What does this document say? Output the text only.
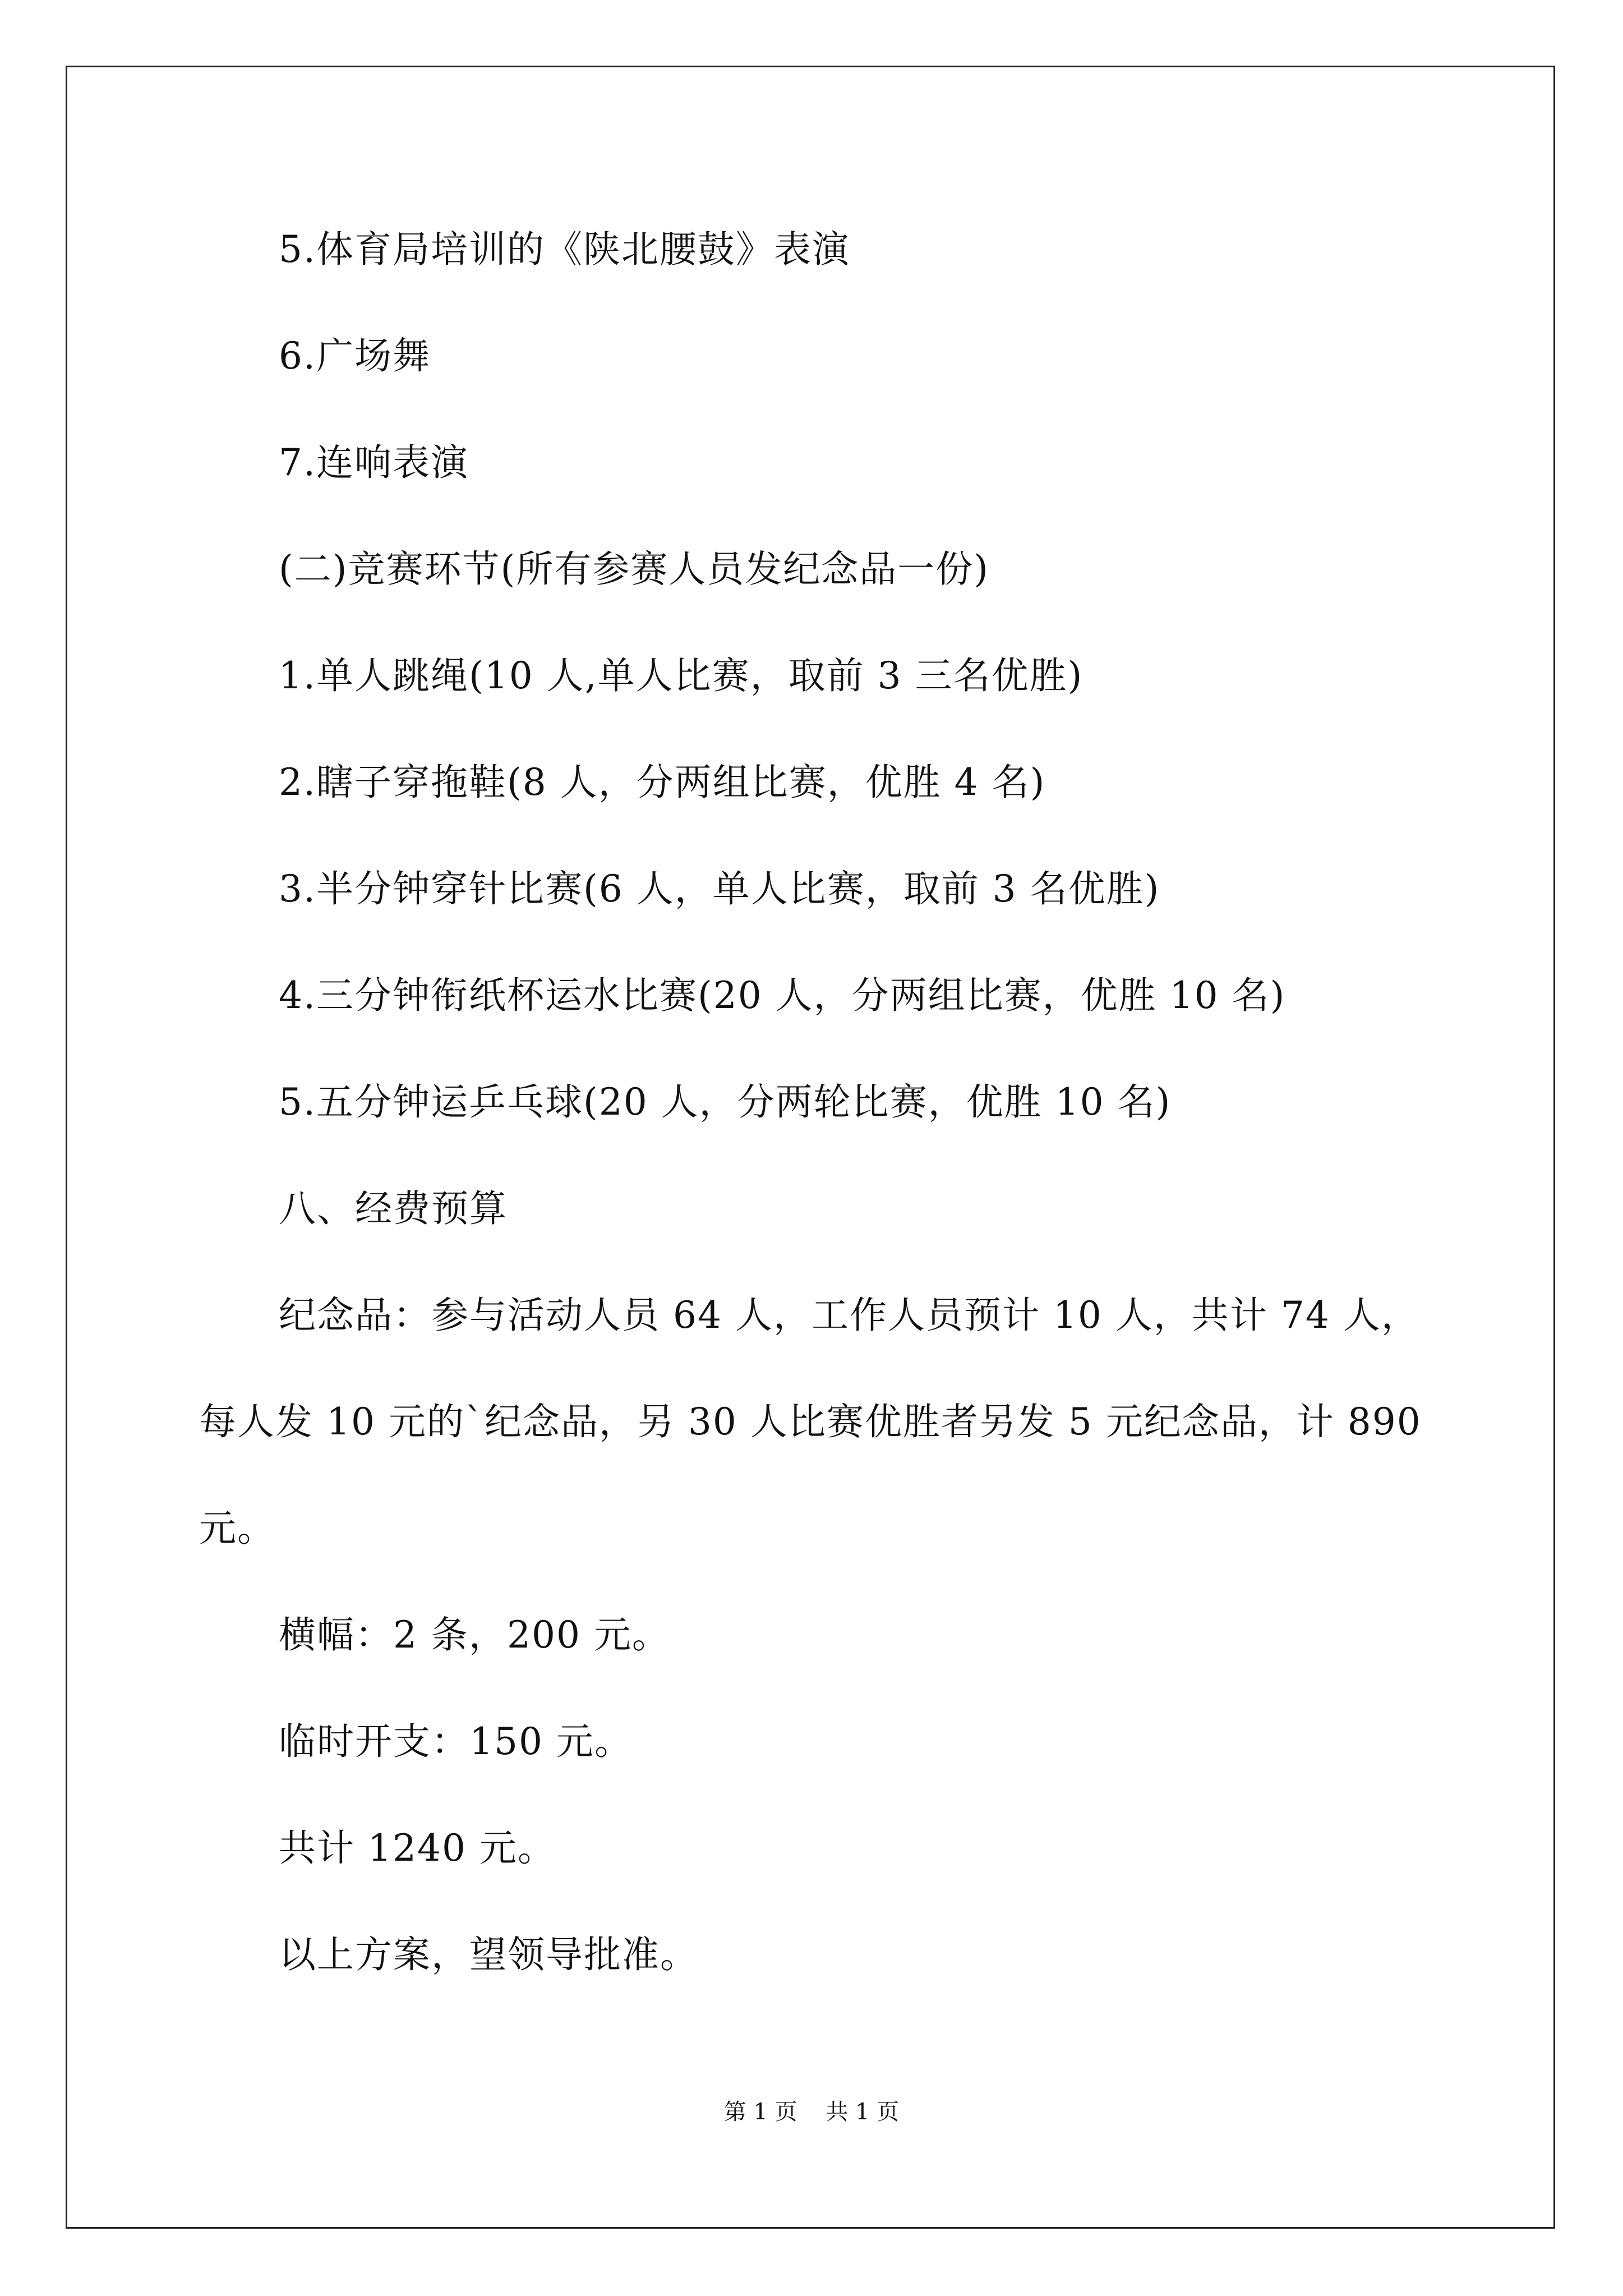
5.体育局培训的《陕北腰鼓》表演
6.广场舞
7.连响表演
(二)竞赛环节(所有参赛人员发纪念品一份)
1.单人跳绳(10 人,单人比赛，取前 3 三名优胜)
2.瞎子穿拖鞋(8 人，分两组比赛，优胜 4 名)
3.半分钟穿针比赛(6 人，单人比赛，取前 3 名优胜)
4.三分钟衔纸杯运水比赛(20 人，分两组比赛，优胜 10 名)
5.五分钟运乒乓球(20 人，分两轮比赛，优胜 10 名)
八、经费预算
纪念品：参与活动人员 64 人，工作人员预计 10 人，共计 74 人，
每人发 10 元的`纪念品，另 30 人比赛优胜者另发 5 元纪念品，计 890
元。
横幅：2 条，200 元。
临时开支：150 元。
共计 1240 元。
以上方案，望领导批准。
第 1 页    共 1 页
